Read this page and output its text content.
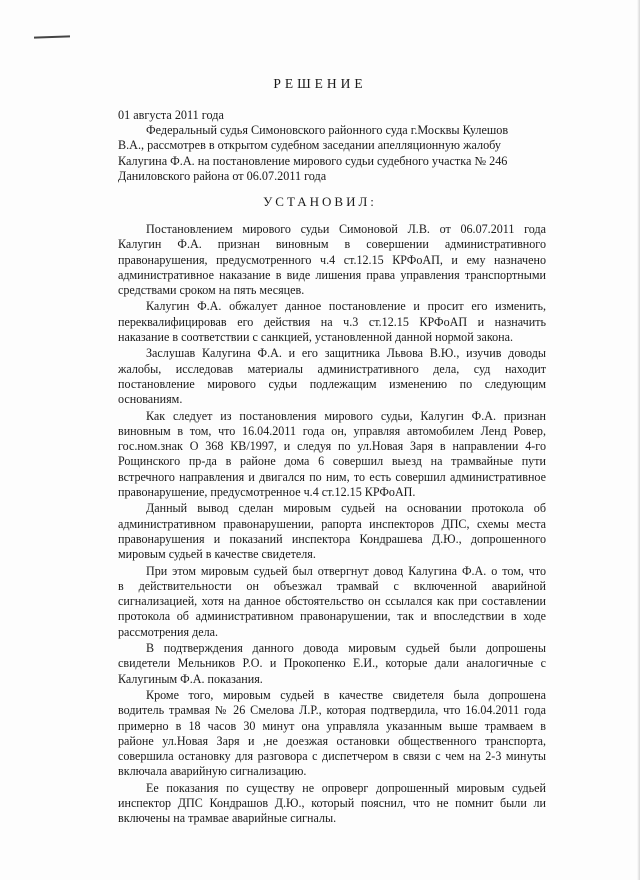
РЕШЕНИЕ
01 августа 2011 года
Федеральный судья Симоновского районного суда г.Москвы Кулешов
В.А., рассмотрев в открытом судебном заседании апелляционную жалобу
Калугина Ф.А. на постановление мирового судьи судебного участка № 246
Даниловского района от 06.07.2011 года
УСТАНОВИЛ:
Постановлением мирового судьи Симоновой Л.В. от 06.07.2011 года
Калугин Ф.А. признан виновным в совершении административного
правонарушения, предусмотренного ч.4 ст.12.15 КРФоАП, и ему назначено
административное наказание в виде лишения права управления транспортными
средствами сроком на пять месяцев.
Калугин Ф.А. обжалует данное постановление и просит его изменить,
переквалифицировав его действия на ч.3 ст.12.15 КРФоАП и назначить
наказание в соответствии с санкцией, установленной данной нормой закона.
Заслушав Калугина Ф.А. и его защитника Львова В.Ю., изучив доводы
жалобы, исследовав материалы административного дела, суд находит
постановление мирового судьи подлежащим изменению по следующим
основаниям.
Как следует из постановления мирового судьи, Калугин Ф.А. признан
виновным в том, что 16.04.2011 года он, управляя автомобилем Ленд Ровер,
гос.ном.знак О 368 КВ/1997, и следуя по ул.Новая Заря в направлении 4-го
Рощинского пр-да в районе дома 6 совершил выезд на трамвайные пути
встречного направления и двигался по ним, то есть совершил административное
правонарушение, предусмотренное ч.4 ст.12.15 КРФоАП.
Данный вывод сделан мировым судьей на основании протокола об
административном правонарушении, рапорта инспекторов ДПС, схемы места
правонарушения и показаний инспектора Кондрашева Д.Ю., допрошенного
мировым судьей в качестве свидетеля.
При этом мировым судьей был отвергнут довод Калугина Ф.А. о том, что
в действительности он объезжал трамвай с включенной аварийной
сигнализацией, хотя на данное обстоятельство он ссылался как при составлении
протокола об административном правонарушении, так и впоследствии в ходе
рассмотрения дела.
В подтверждения данного довода мировым судьей были допрошены
свидетели Мельников Р.О. и Прокопенко Е.И., которые дали аналогичные с
Калугиным Ф.А. показания.
Кроме того, мировым судьей в качестве свидетеля была допрошена
водитель трамвая № 26 Смелова Л.Р., которая подтвердила, что 16.04.2011 года
примерно в 18 часов 30 минут она управляла указанным выше трамваем в
районе ул.Новая Заря и ,не доезжая остановки общественного транспорта,
совершила остановку для разговора с диспетчером в связи с чем на 2-3 минуты
включала аварийную сигнализацию.
Ее показания по существу не опроверг допрошенный мировым судьей
инспектор ДПС Кондрашов Д.Ю., который пояснил, что не помнит были ли
включены на трамвае аварийные сигналы.
